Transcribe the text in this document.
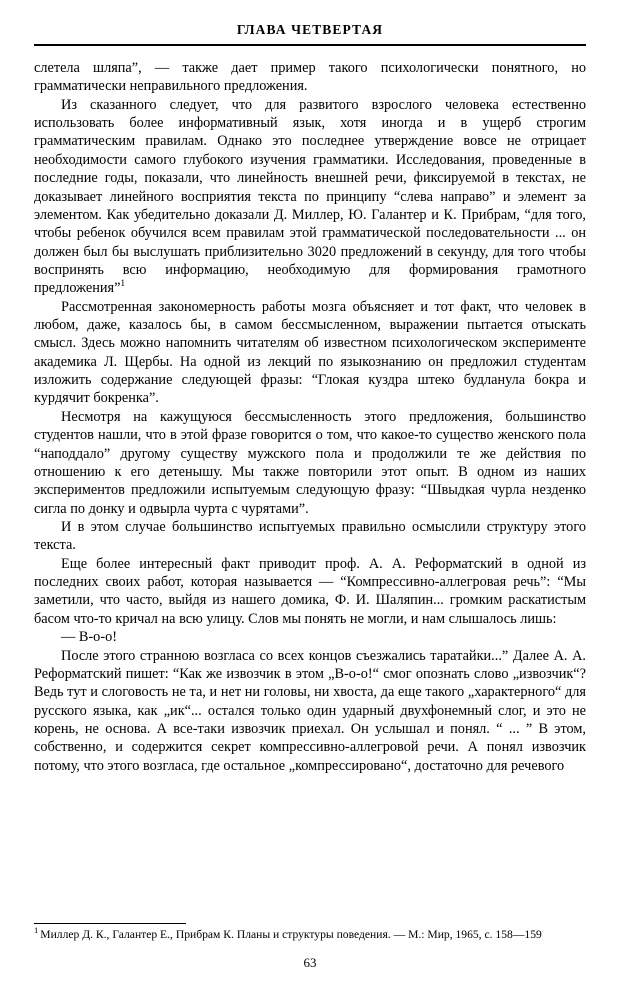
ГЛАВА ЧЕТВЕРТАЯ

слетела шляпа”, — также дает пример такого психологически понятного, но грамматически неправильного предложения.

Из сказанного следует, что для развитого взрослого человека естественно использовать более информативный язык, хотя иногда и в ущерб строгим грамматическим правилам. Однако это последнее утверждение вовсе не отрицает необходимости самого глубокого изучения грамматики. Исследования, проведенные в последние годы, показали, что линейность внешней речи, фиксируемой в текстах, не доказывает линейного восприятия текста по принципу “слева направо” и элемент за элементом. Как убедительно доказали Д. Миллер, Ю. Галантер и К. Прибрам, “для того, чтобы ребенок обучился всем правилам этой грамматической последовательности ... он должен был бы выслушать приблизительно 3020 предложений в секунду, для того чтобы воспринять всю информацию, необходимую для формирования грамотного предложения”$^1$

Рассмотренная закономерность работы мозга объясняет и тот факт, что человек в любом, даже, казалось бы, в самом бессмысленном, выражении пытается отыскать смысл. Здесь можно напомнить читателям об известном психологическом эксперименте академика Л. Щербы. На одной из лекций по языкознанию он предложил студентам изложить содержание следующей фразы: “Глокая куздра штеко будланула бокра и курдячит бокренка”.

Несмотря на кажущуюся бессмысленность этого предложения, большинство студентов нашли, что в этой фразе говорится о том, что какое-то существо женского пола “наподдало” другому существу мужского пола и продолжили те же действия по отношению к его детенышу. Мы также повторили этот опыт. В одном из наших экспериментов предложили испытуемым следующую фразу: “Швыдкая чурла незденко сигла по донку и одвырла чурта с чурятами”.

И в этом случае большинство испытуемых правильно осмыслили структуру этого текста.

Еще более интересный факт приводит проф. А. А. Реформатский в одной из последних своих работ, которая называется — “Компрессивно-аллегровая речь”: “Мы заметили, что часто, выйдя из нашего домика, Ф. И. Шаляпин... громким раскатистым басом что-то кричал на всю улицу. Слов мы понять не могли, и нам слышалось лишь:

— В-о-о!

После этого странною возгласа со всех концов съезжались таратайки...” Далее А. А. Реформатский пишет: “Как же извозчик в этом „В-о-о!“ смог опознать слово „извозчик“? Ведь тут и слоговость не та, и нет ни головы, ни хвоста, да еще такого „характерного“ для русского языка, как „ик“... остался только один ударный двухфонемный слог, и это не корень, не основа. А все-таки извозчик приехал. Он услышал и понял. “ ... ” В этом, собственно, и содержится секрет компрессивно-аллегровой речи. А понял извозчик потому, что этого возгласа, где остальное „компрессировано“, достаточно для речевого

$^1$ Миллер Д. К., Галантер Е., Прибрам К. Планы и структуры поведения. — М.: Мир, 1965, с. 158—159
63
